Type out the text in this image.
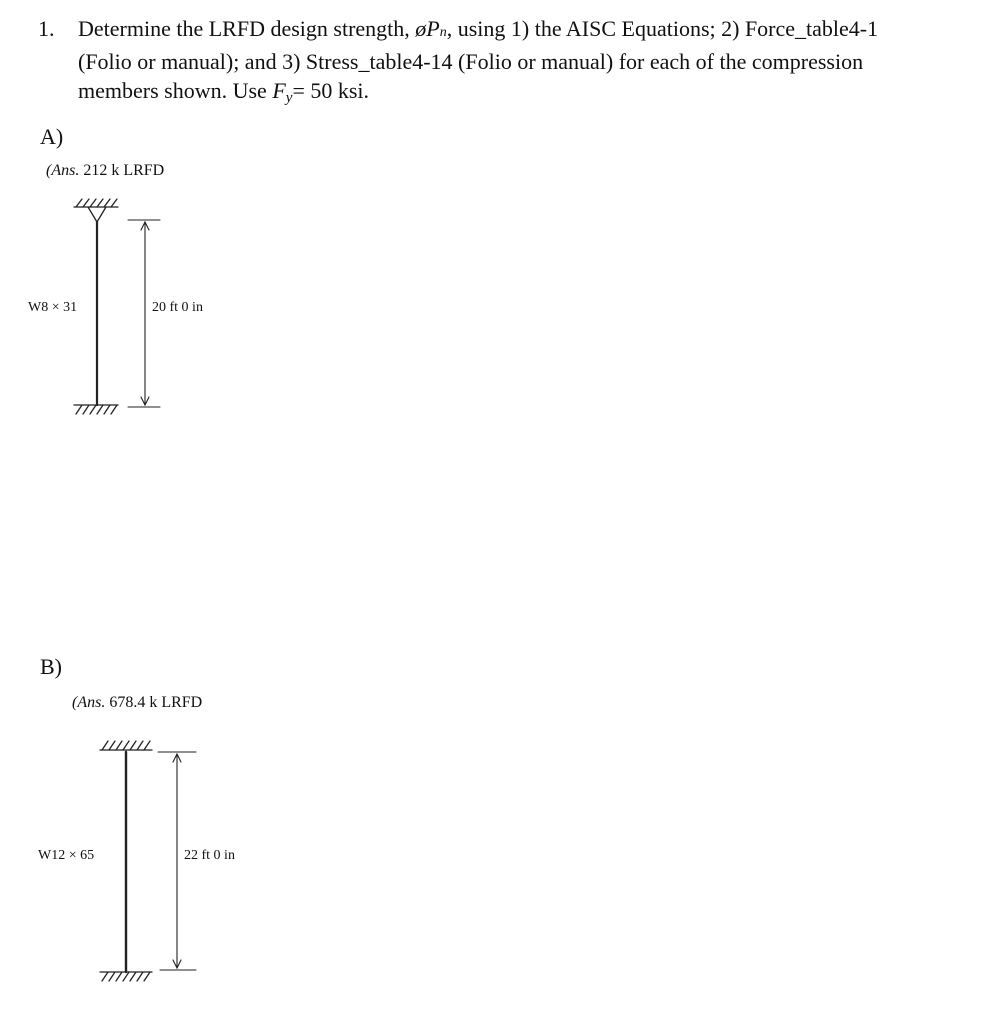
1. Determine the LRFD design strength, øPn, using 1) the AISC Equations; 2) Force_table4-1
(Folio or manual); and 3) Stress_table4-14 (Folio or manual) for each of the compression
members shown. Use Fy= 50 ksi.
A)
(Ans. 212 k LRFD
W8 × 31	20 ft 0 in
B)
(Ans. 678.4 k LRFD
W12 × 65	22 ft 0 in
